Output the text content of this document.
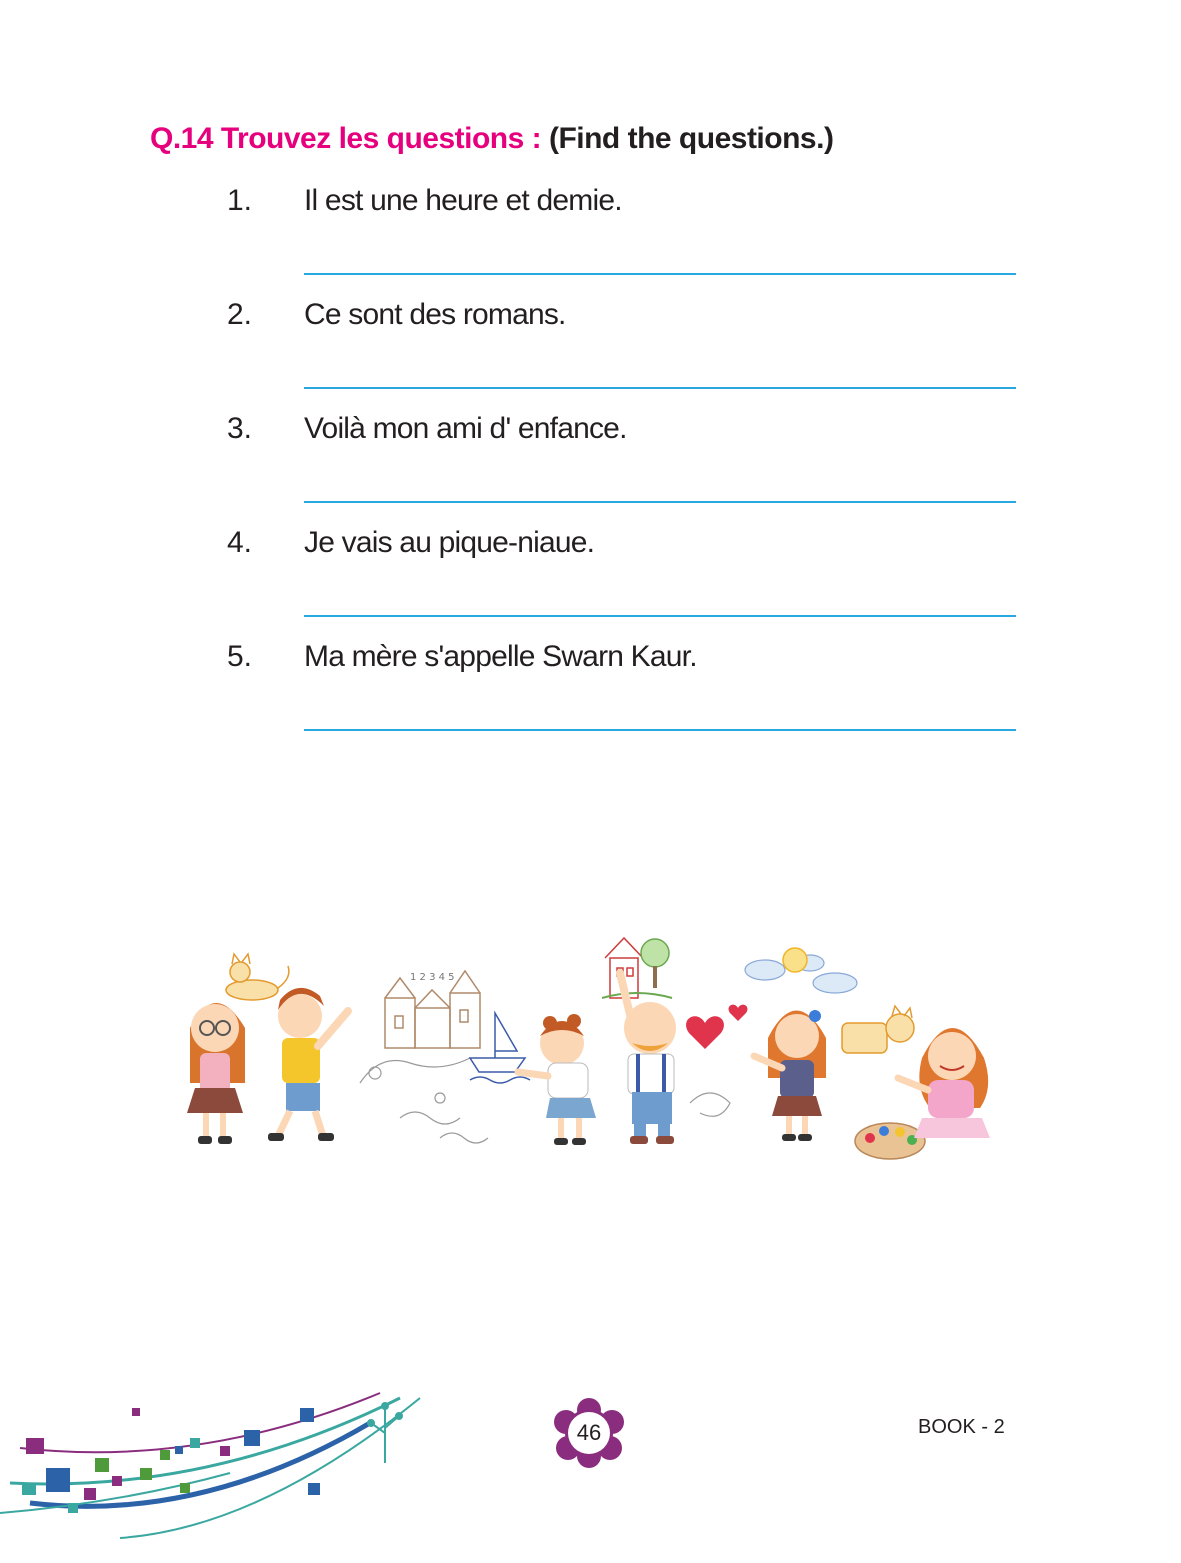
Q.14 Trouvez les questions : (Find the questions.)
1. Il est une heure et demie.
2. Ce sont des romans.
3. Voilà mon ami d' enfance.
4. Je vais au pique-niaue.
5. Ma mère s'appelle Swarn Kaur.
1 2 3 4 5
46	BOOK - 2
